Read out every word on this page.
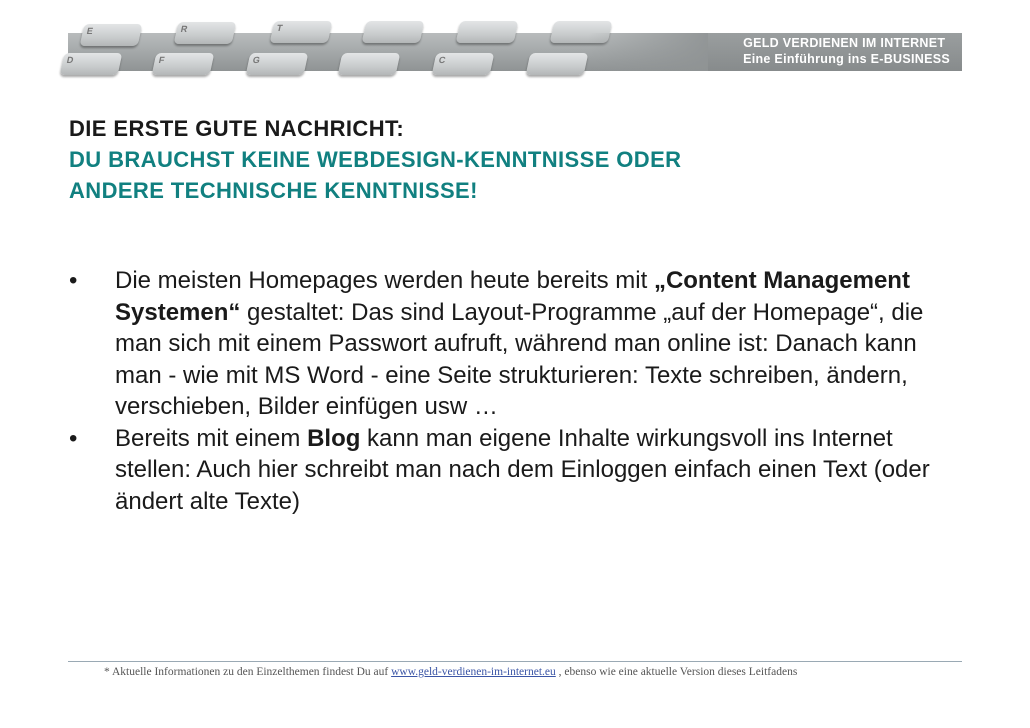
E	R	T
D	F	G	C
GELD VERDIENEN IM INTERNET
Eine Einführung ins E-BUSINESS
DIE ERSTE GUTE NACHRICHT:
DU BRAUCHST KEINE WEBDESIGN-KENNTNISSE ODER
ANDERE TECHNISCHE KENNTNISSE!
• Die meisten Homepages werden heute bereits mit „Content Management Systemen“ gestaltet: Das sind Layout-Programme „auf der Homepage“, die man sich mit einem Passwort aufruft, während man online ist: Danach kann man - wie mit MS Word - eine Seite strukturieren: Texte schreiben, ändern, verschieben, Bilder einfügen usw …
• Bereits mit einem Blog kann man eigene Inhalte wirkungsvoll ins Internet stellen: Auch hier schreibt man nach dem Einloggen einfach einen Text (oder ändert alte Texte)
* Aktuelle Informationen zu den Einzelthemen findest Du auf www.geld-verdienen-im-internet.eu , ebenso wie eine aktuelle Version dieses Leitfadens
